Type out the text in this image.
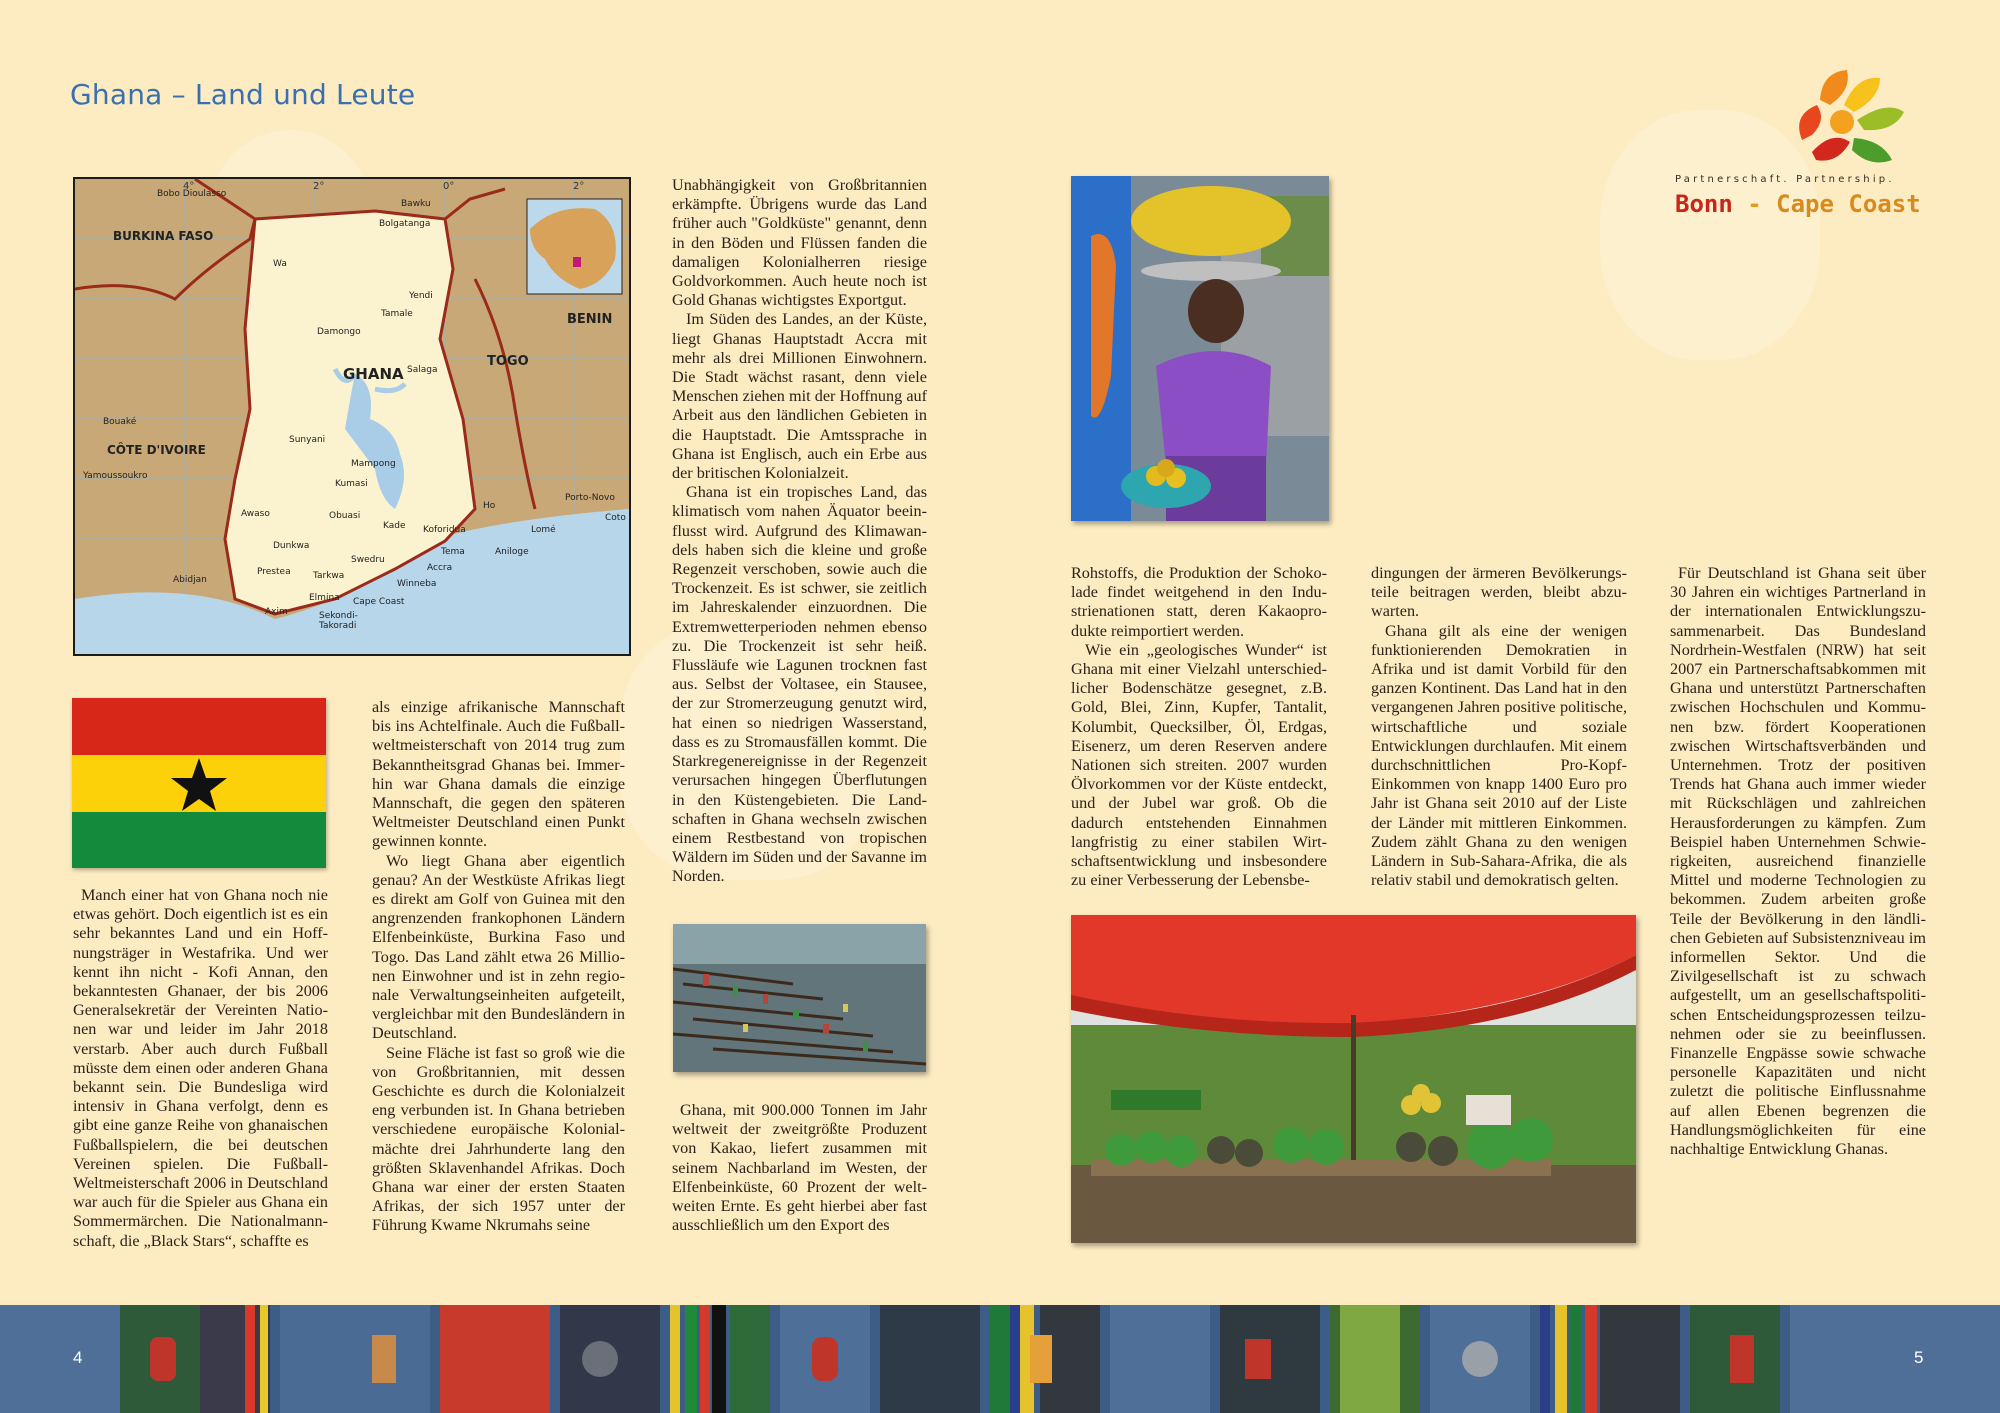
Ghana – Land und Leute
Partnerschaft. Partnership.
Bonn - Cape Coast
4°	2°	0°	2°
GHANA
BURKINA FASO
TOGO
BENIN
CÔTE D'IVOIRE
Bobo Dioulasso
Bawku
Bolgatanga
Wa
Yendi
Tamale
Damongo
Salaga
Bouaké
Sunyani
Mampong
Kumasi
Yamoussoukro
Awaso	Obuasi
Kade Koforidua
Ho
Lomé
Porto-Novo
Coto
Dunkwa
Swedru
Tema	Aniloge
Prestea Tarkwa
Accra
Winneba
Abidjan
Elmina Cape Coast
Axim	Sekondi-Takoradi

Manch einer hat von Ghana noch nie etwas gehört. Doch eigentlich ist es ein sehr bekanntes Land und ein Hoffnungsträger in Westafrika. Und wer kennt ihn nicht - Kofi Annan, den bekanntesten Ghanaer, der bis 2006 Generalsekretär der Vereinten Nationen war und leider im Jahr 2018 verstarb. Aber auch durch Fußball müsste dem einen oder anderen Ghana bekannt sein. Die Bundesliga wird intensiv in Ghana verfolgt, denn es gibt eine ganze Reihe von ghanaischen Fußballspielern, die bei deutschen Vereinen spielen. Die Fußball-Weltmeisterschaft 2006 in Deutschland war auch für die Spieler aus Ghana ein Sommermärchen. Die Nationalmannschaft, die „Black Stars“, schaffte es

als einzige afrikanische Mannschaft bis ins Achtelfinale. Auch die Fußballweltmeisterschaft von 2014 trug zum Bekanntheitsgrad Ghanas bei. Immerhin war Ghana damals die einzige Mannschaft, die gegen den späteren Weltmeister Deutschland einen Punkt gewinnen konnte.

Wo liegt Ghana aber eigentlich genau? An der Westküste Afrikas liegt es direkt am Golf von Guinea mit den angrenzenden frankophonen Ländern Elfenbeinküste, Burkina Faso und Togo. Das Land zählt etwa 26 Millionen Einwohner und ist in zehn regionale Verwaltungseinheiten aufgeteilt, vergleichbar mit den Bundesländern in Deutschland.

Seine Fläche ist fast so groß wie die von Großbritannien, mit dessen Geschichte es durch die Kolonialzeit eng verbunden ist. In Ghana betrieben verschiedene europäische Kolonialmächte drei Jahrhunderte lang den größten Sklavenhandel Afrikas. Doch Ghana war einer der ersten Staaten Afrikas, der sich 1957 unter der Führung Kwame Nkrumahs seine

Unabhängigkeit von Großbritannien erkämpfte. Übrigens wurde das Land früher auch "Goldküste" genannt, denn in den Böden und Flüssen fanden die damaligen Kolonialherren riesige Goldvorkommen. Auch heute noch ist Gold Ghanas wichtigstes Exportgut.

Im Süden des Landes, an der Küste, liegt Ghanas Hauptstadt Accra mit mehr als drei Millionen Einwohnern. Die Stadt wächst rasant, denn viele Menschen ziehen mit der Hoffnung auf Arbeit aus den ländlichen Gebieten in die Hauptstadt. Die Amtssprache in Ghana ist Englisch, auch ein Erbe aus der britischen Kolonialzeit.

Ghana ist ein tropisches Land, das klimatisch vom nahen Äquator beeinflusst wird. Aufgrund des Klimawandels haben sich die kleine und große Regenzeit verschoben, sowie auch die Trockenzeit. Es ist schwer, sie zeitlich im Jahreskalender einzuordnen. Die Extremwetterperioden nehmen ebenso zu. Die Trockenzeit ist sehr heiß. Flussläufe wie Lagunen trocknen fast aus. Selbst der Voltasee, ein Stausee, der zur Stromerzeugung genutzt wird, hat einen so niedrigen Wasserstand, dass es zu Stromausfällen kommt. Die Starkregenereignisse in der Regenzeit verursachen hingegen Überflutungen in den Küstengebieten. Die Landschaften in Ghana wechseln zwischen einem Restbestand von tropischen Wäldern im Süden und der Savanne im Norden.

Ghana, mit 900.000 Tonnen im Jahr weltweit der zweitgrößte Produzent von Kakao, liefert zusammen mit seinem Nachbarland im Westen, der Elfenbeinküste, 60 Prozent der weltweiten Ernte. Es geht hierbei aber fast ausschließlich um den Export des

Rohstoffs, die Produktion der Schokolade findet weitgehend in den Industrienationen statt, deren Kakaoprodukte reimportiert werden.

Wie ein „geologisches Wunder“ ist Ghana mit einer Vielzahl unterschiedlicher Bodenschätze gesegnet, z.B. Gold, Blei, Zinn, Kupfer, Tantalit, Kolumbit, Quecksilber, Öl, Erdgas, Eisenerz, um deren Reserven andere Nationen sich streiten. 2007 wurden Ölvorkommen vor der Küste entdeckt, und der Jubel war groß. Ob die dadurch entstehenden Einnahmen langfristig zu einer stabilen Wirtschaftsentwicklung und insbesondere zu einer Verbesserung der Lebensbe-

dingungen der ärmeren Bevölkerungsteile beitragen werden, bleibt abzuwarten.

Ghana gilt als eine der wenigen funktionierenden Demokratien in Afrika und ist damit Vorbild für den ganzen Kontinent. Das Land hat in den vergangenen Jahren positive politische, wirtschaftliche und soziale Entwicklungen durchlaufen. Mit einem durchschnittlichen Pro-Kopf-Einkommen von knapp 1400 Euro pro Jahr ist Ghana seit 2010 auf der Liste der Länder mit mittleren Einkommen. Zudem zählt Ghana zu den wenigen Ländern in Sub-Sahara-Afrika, die als relativ stabil und demokratisch gelten.

Für Deutschland ist Ghana seit über 30 Jahren ein wichtiges Partnerland in der internationalen Entwicklungszusammenarbeit. Das Bundesland Nordrhein-Westfalen (NRW) hat seit 2007 ein Partnerschaftsabkommen mit Ghana und unterstützt Partnerschaften zwischen Hochschulen und Kommunen bzw. fördert Kooperationen zwischen Wirtschaftsverbänden und Unternehmen. Trotz der positiven Trends hat Ghana auch immer wieder mit Rückschlägen und zahlreichen Herausforderungen zu kämpfen. Zum Beispiel haben Unternehmen Schwierigkeiten, ausreichend finanzielle Mittel und moderne Technologien zu bekommen. Zudem arbeiten große Teile der Bevölkerung in den ländlichen Gebieten auf Subsistenzniveau im informellen Sektor. Und die Zivilgesellschaft ist zu schwach aufgestellt, um an gesellschaftspolitischen Entscheidungsprozessen teilzunehmen oder sie zu beeinflussen. Finanzelle Engpässe sowie schwache personelle Kapazitäten und nicht zuletzt die politische Einflussnahme auf allen Ebenen begrenzen die Handlungsmöglichkeiten für eine nachhaltige Entwicklung Ghanas.

4	5
